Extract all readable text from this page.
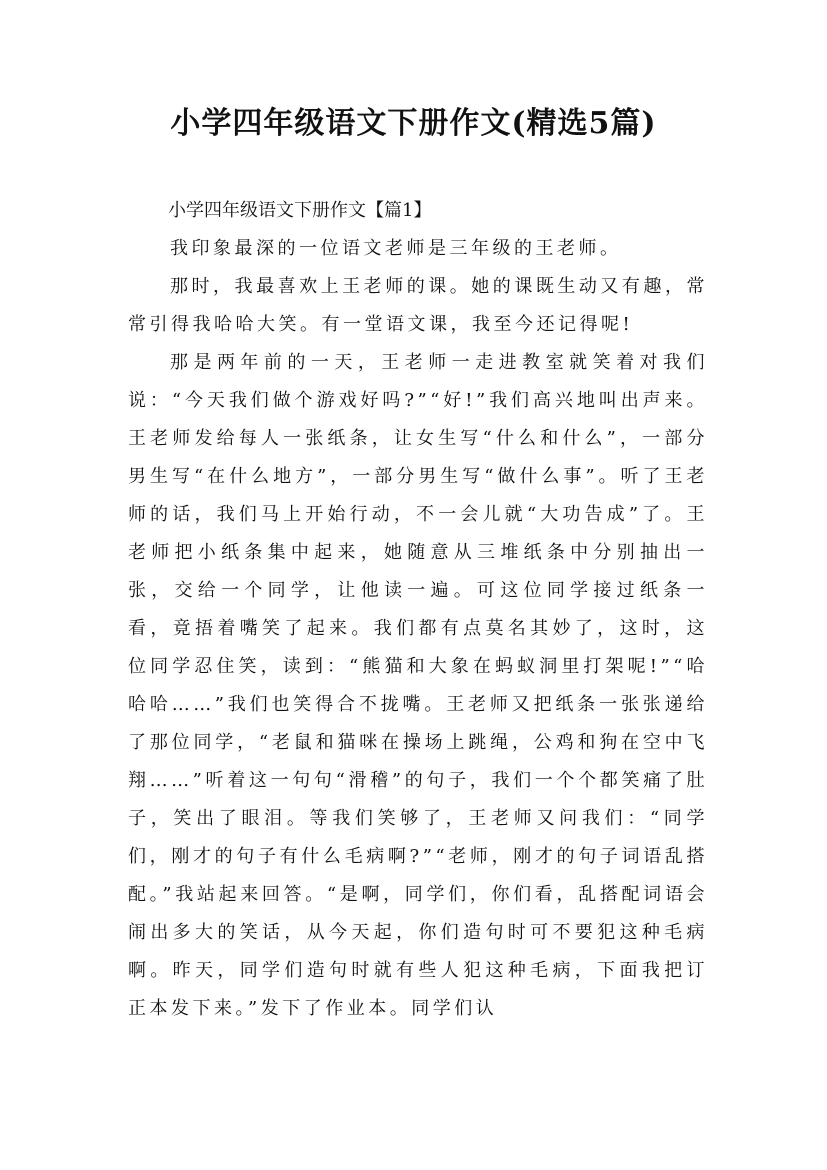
小学四年级语文下册作文(精选5篇)

小学四年级语文下册作文【篇1】

我印象最深的一位语文老师是三年级的王老师。

那时，我最喜欢上王老师的课。她的课既生动又有趣，常常引得我哈哈大笑。有一堂语文课，我至今还记得呢!

那是两年前的一天，王老师一走进教室就笑着对我们说：“今天我们做个游戏好吗?”“好!”我们高兴地叫出声来。王老师发给每人一张纸条，让女生写“什么和什么”，一部分男生写“在什么地方”，一部分男生写“做什么事”。听了王老师的话，我们马上开始行动，不一会儿就“大功告成”了。王老师把小纸条集中起来，她随意从三堆纸条中分别抽出一张，交给一个同学，让他读一遍。可这位同学接过纸条一看，竟捂着嘴笑了起来。我们都有点莫名其妙了，这时，这位同学忍住笑，读到：“熊猫和大象在蚂蚁洞里打架呢!”“哈哈哈……”我们也笑得合不拢嘴。王老师又把纸条一张张递给了那位同学，“老鼠和猫咪在操场上跳绳，公鸡和狗在空中飞翔……”听着这一句句“滑稽”的句子，我们一个个都笑痛了肚子，笑出了眼泪。等我们笑够了，王老师又问我们：“同学们，刚才的句子有什么毛病啊?”“老师，刚才的句子词语乱搭配。”我站起来回答。“是啊，同学们，你们看，乱搭配词语会闹出多大的笑话，从今天起，你们造句时可不要犯这种毛病啊。昨天，同学们造句时就有些人犯这种毛病，下面我把订正本发下来。”发下了作业本。同学们认
